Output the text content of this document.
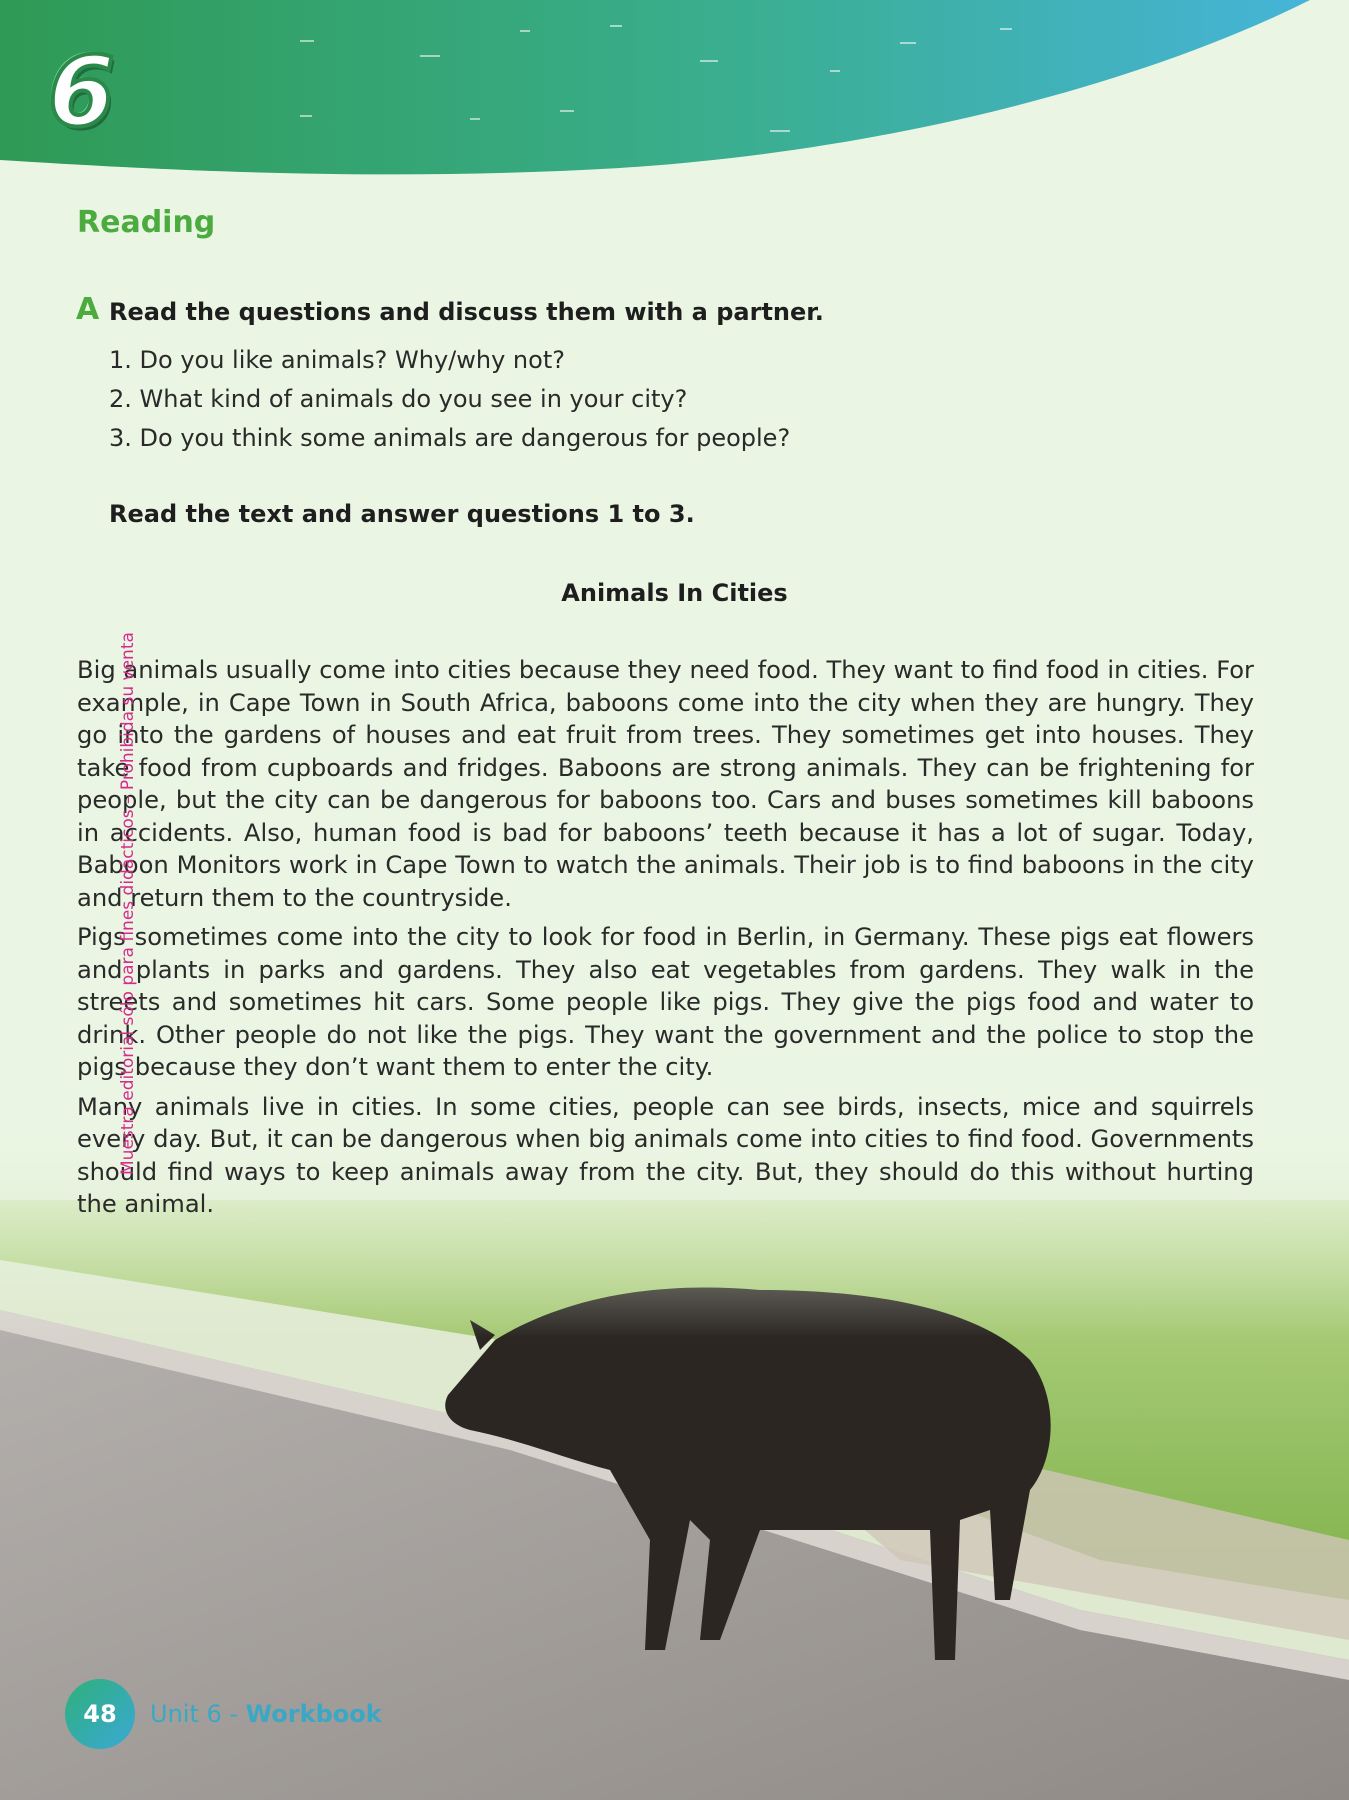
6
Reading
A Read the questions and discuss them with a partner.
1. Do you like animals? Why/why not?
2. What kind of animals do you see in your city?
3. Do you think some animals are dangerous for people?
Read the text and answer questions 1 to 3.
Animals In Cities

Big animals usually come into cities because they need food. They want to find food in cities. For example, in Cape Town in South Africa, baboons come into the city when they are hungry. They go into the gardens of houses and eat fruit from trees. They sometimes get into houses. They take food from cupboards and fridges. Baboons are strong animals. They can be frightening for people, but the city can be dangerous for baboons too. Cars and buses sometimes kill baboons in accidents. Also, human food is bad for baboons’ teeth because it has a lot of sugar. Today, Baboon Monitors work in Cape Town to watch the animals. Their job is to find baboons in the city and return them to the countryside.

Pigs sometimes come into the city to look for food in Berlin, in Germany. These pigs eat flowers and plants in parks and gardens. They also eat vegetables from gardens. They walk in the streets and sometimes hit cars. Some people like pigs. They give the pigs food and water to drink. Other people do not like the pigs. They want the government and the police to stop the pigs because they don’t want them to enter the city.

Many animals live in cities. In some cities, people can see birds, insects, mice and squirrels every day. But, it can be dangerous when big animals come into cities to find food. Governments should find ways to keep animals away from the city. But, they should do this without hurting the animal.

Muestra editorial sólo para fines didácticos – Prohibida su venta
48 Unit 6 - Workbook
